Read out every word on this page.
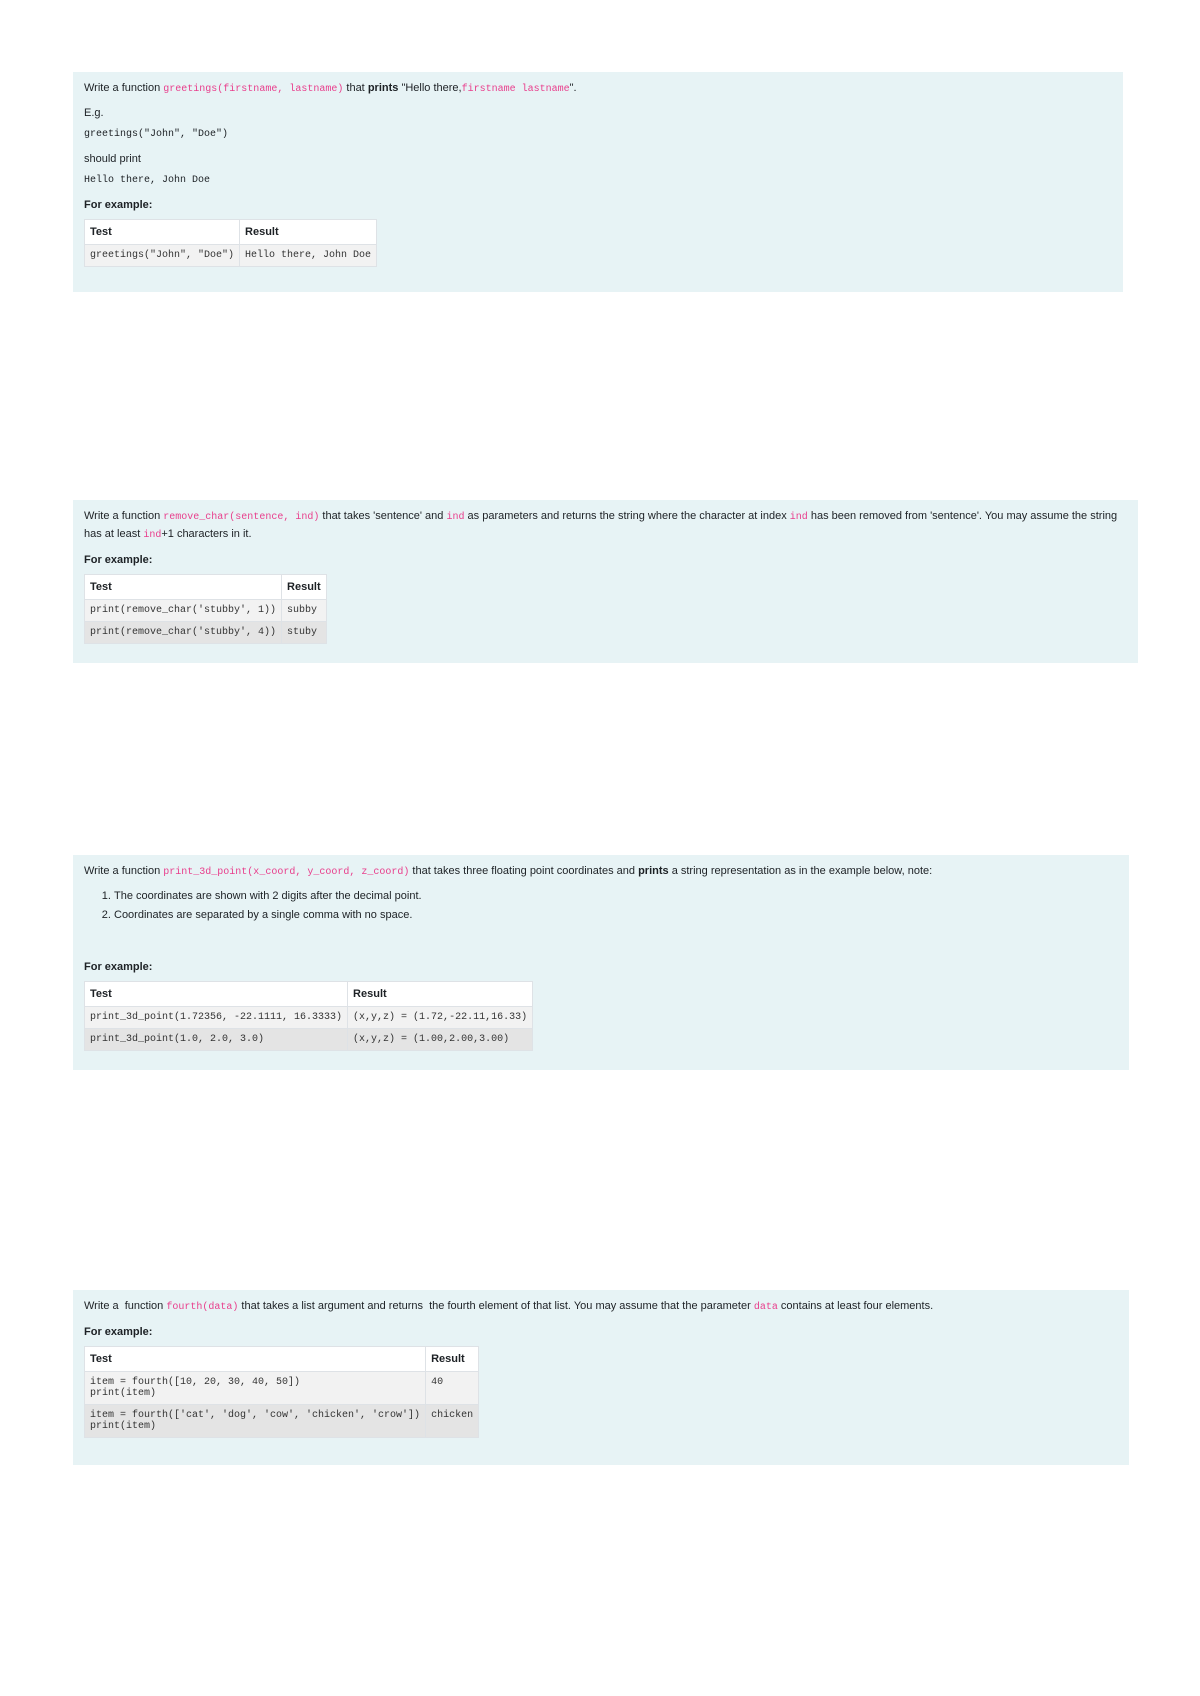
Write a function greetings(firstname, lastname) that prints "Hello there,firstname lastname".

E.g.

greetings("John", "Doe")

should print

Hello there, John Doe

For example:

Test	Result
greetings("John", "Doe")	Hello there, John Doe

Write a function remove_char(sentence, ind) that takes 'sentence' and ind as parameters and returns the string where the character at index ind has been removed from 'sentence'. You may assume the string has at least ind+1 characters in it.

For example:

Test	Result
print(remove_char('stubby', 1))	subby
print(remove_char('stubby', 4))	stuby

Write a function print_3d_point(x_coord, y_coord, z_coord) that takes three floating point coordinates and prints a string representation as in the example below, note:

1. The coordinates are shown with 2 digits after the decimal point.
2. Coordinates are separated by a single comma with no space.

For example:

Test	Result
print_3d_point(1.72356, -22.1111, 16.3333)	(x,y,z) = (1.72,-22.11,16.33)
print_3d_point(1.0, 2.0, 3.0)	(x,y,z) = (1.00,2.00,3.00)

Write a  function fourth(data) that takes a list argument and returns  the fourth element of that list. You may assume that the parameter data contains at least four elements.

For example:

Test	Result
item = fourth([10, 20, 30, 40, 50])
print(item)	40
item = fourth(['cat', 'dog', 'cow', 'chicken', 'crow'])
print(item)	chicken
